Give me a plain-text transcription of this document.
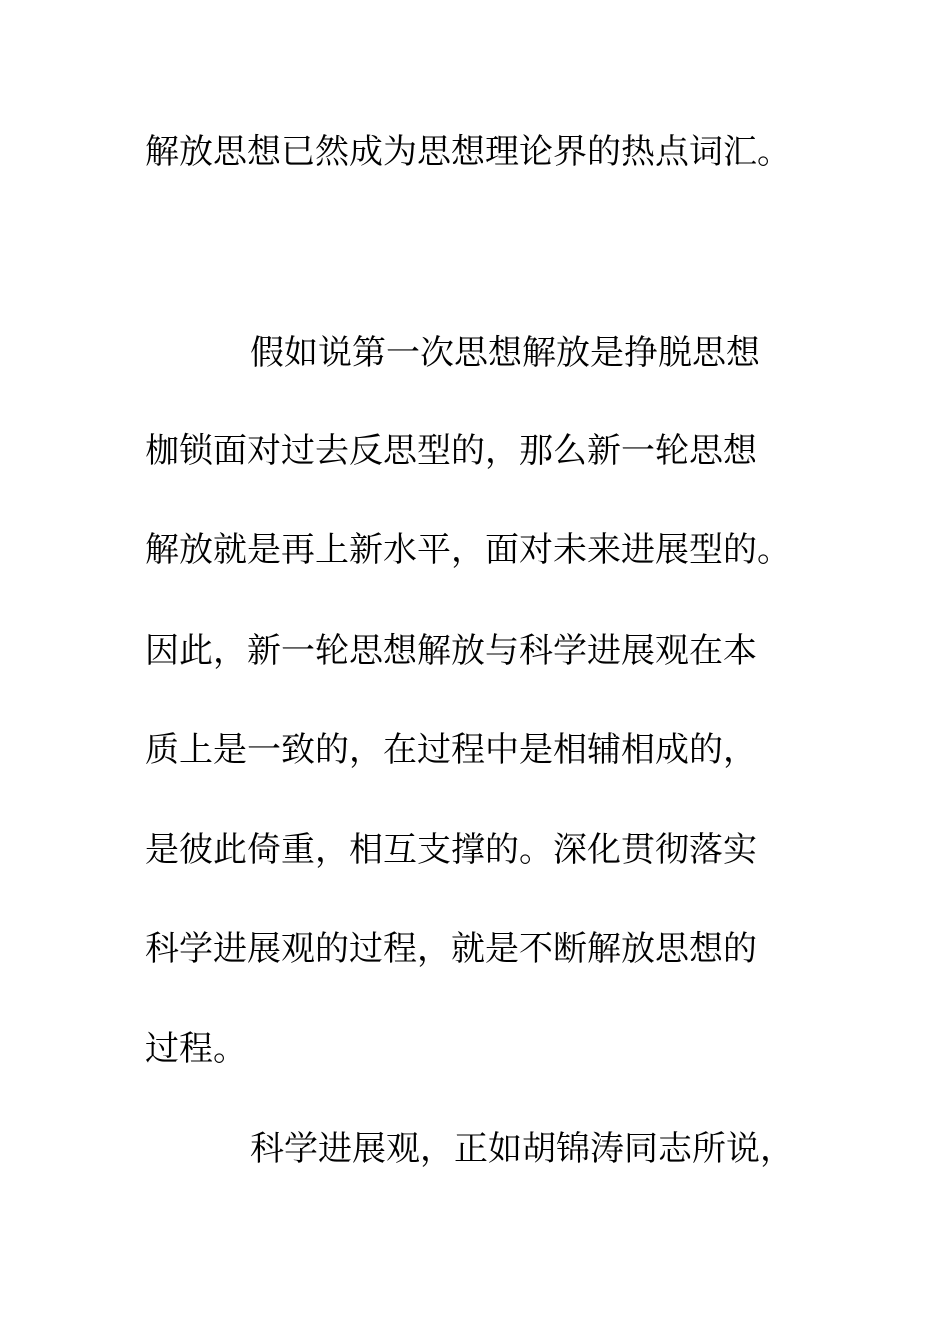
解放思想已然成为思想理论界的热点词汇。
假如说第一次思想解放是挣脱思想
枷锁面对过去反思型的，那么新一轮思想
解放就是再上新水平，面对未来进展型的。
因此，新一轮思想解放与科学进展观在本
质上是一致的，在过程中是相辅相成的，
是彼此倚重，相互支撑的。深化贯彻落实
科学进展观的过程，就是不断解放思想的
过程。
科学进展观，正如胡锦涛同志所说，
